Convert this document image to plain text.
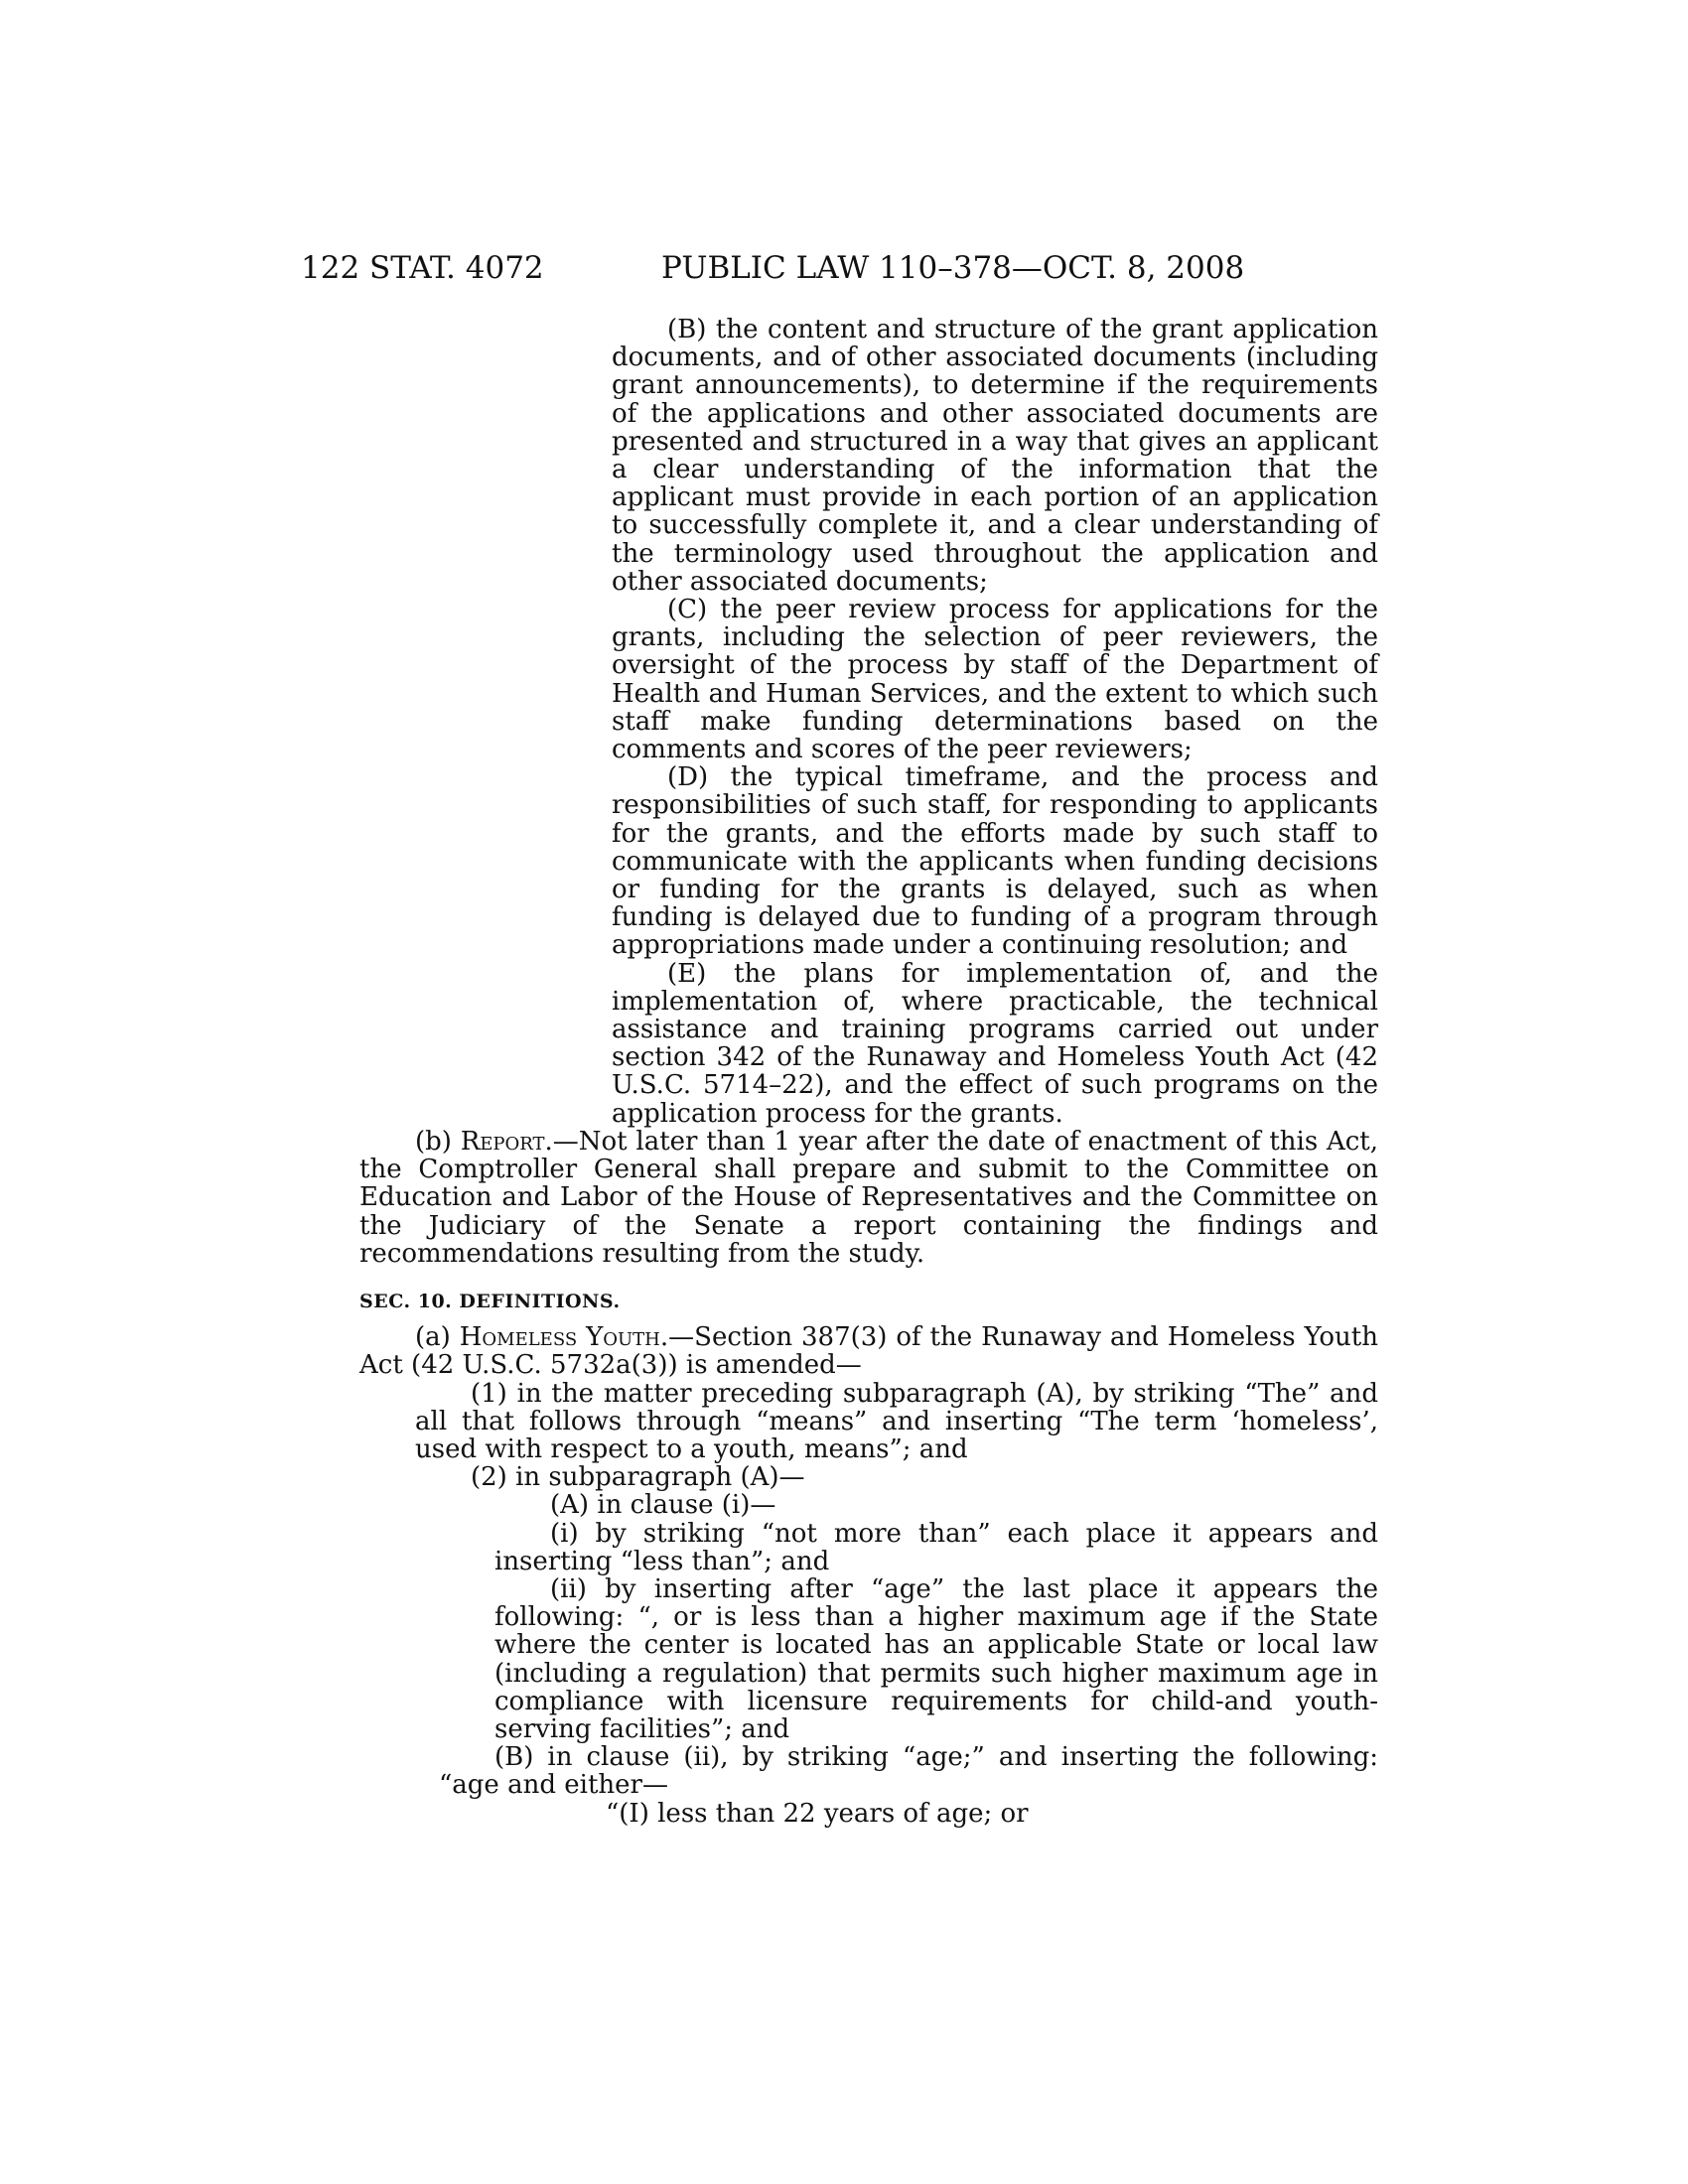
122 STAT. 4072	PUBLIC LAW 110–378—OCT. 8, 2008

(B) the content and structure of the grant application documents, and of other associated documents (including grant announcements), to determine if the requirements of the applications and other associated documents are presented and structured in a way that gives an applicant a clear understanding of the information that the applicant must provide in each portion of an application to successfully complete it, and a clear understanding of the terminology used throughout the application and other associated documents;

(C) the peer review process for applications for the grants, including the selection of peer reviewers, the oversight of the process by staff of the Department of Health and Human Services, and the extent to which such staff make funding determinations based on the comments and scores of the peer reviewers;

(D) the typical timeframe, and the process and responsibilities of such staff, for responding to applicants for the grants, and the efforts made by such staff to communicate with the applicants when funding decisions or funding for the grants is delayed, such as when funding is delayed due to funding of a program through appropriations made under a continuing resolution; and

(E) the plans for implementation of, and the implementation of, where practicable, the technical assistance and training programs carried out under section 342 of the Runaway and Homeless Youth Act (42 U.S.C. 5714–22), and the effect of such programs on the application process for the grants.

(b) Report.—Not later than 1 year after the date of enactment of this Act, the Comptroller General shall prepare and submit to the Committee on Education and Labor of the House of Representatives and the Committee on the Judiciary of the Senate a report containing the findings and recommendations resulting from the study.

SEC. 10. DEFINITIONS.

(a) Homeless Youth.—Section 387(3) of the Runaway and Homeless Youth Act (42 U.S.C. 5732a(3)) is amended—

(1) in the matter preceding subparagraph (A), by striking “The” and all that follows through “means” and inserting “The term ‘homeless’, used with respect to a youth, means”; and

(2) in subparagraph (A)—

(A) in clause (i)—

(i) by striking “not more than” each place it appears and inserting “less than”; and

(ii) by inserting after “age” the last place it appears the following: “, or is less than a higher maximum age if the State where the center is located has an applicable State or local law (including a regulation) that permits such higher maximum age in compliance with licensure requirements for child-and youth-serving facilities”; and

(B) in clause (ii), by striking “age;” and inserting the following: “age and either—

“(I) less than 22 years of age; or
